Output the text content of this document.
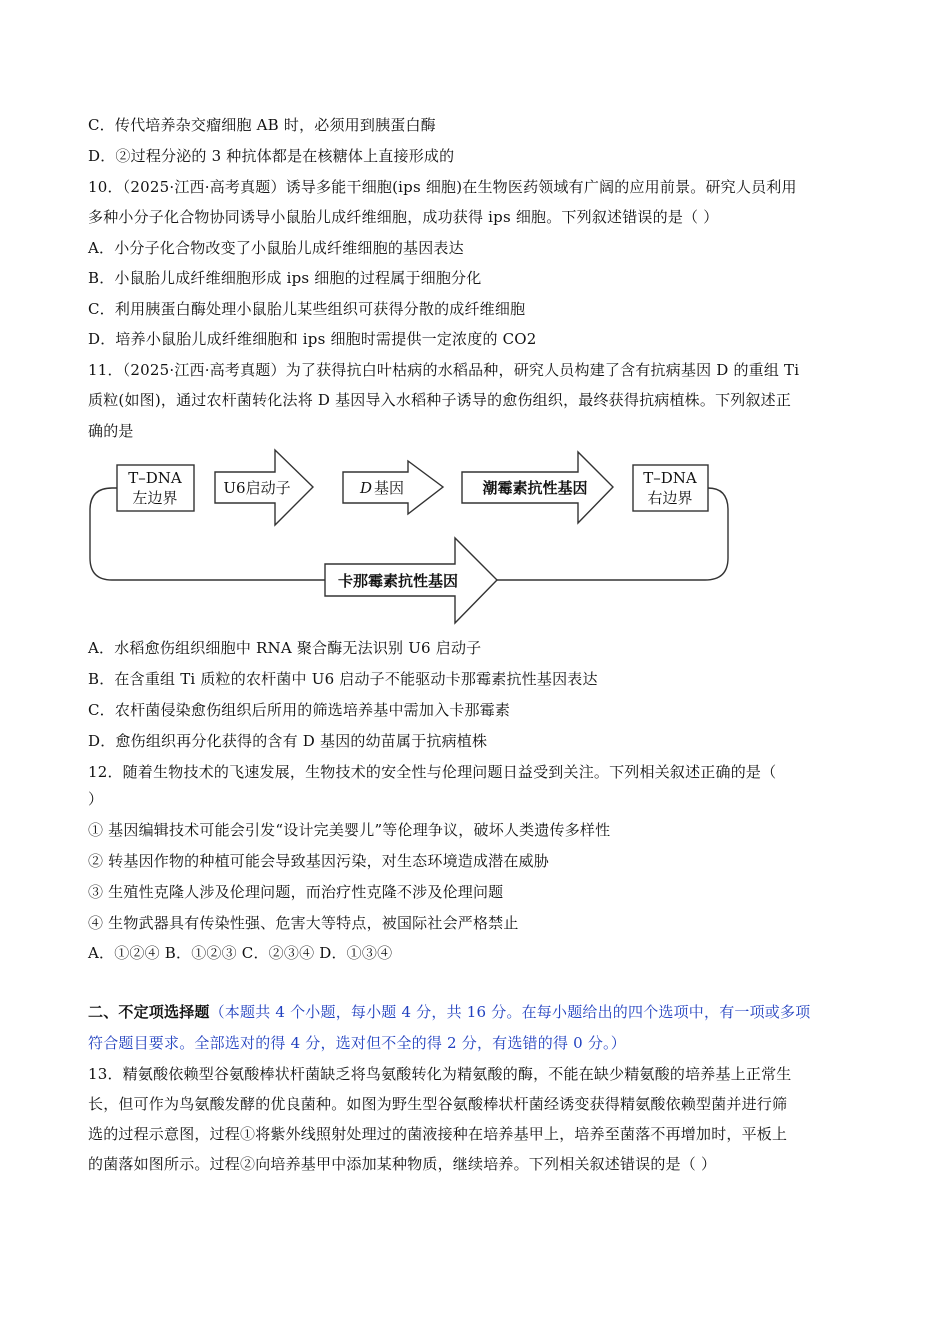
C．传代培养杂交瘤细胞 AB 时，必须用到胰蛋白酶
D．②过程分泌的 3 种抗体都是在核糖体上直接形成的
10．（2025·江西·高考真题）诱导多能干细胞(ips 细胞)在生物医药领域有广阔的应用前景。研究人员利用
多种小分子化合物协同诱导小鼠胎儿成纤维细胞，成功获得 ips 细胞。下列叙述错误的是（ ）
A．小分子化合物改变了小鼠胎儿成纤维细胞的基因表达
B．小鼠胎儿成纤维细胞形成 ips 细胞的过程属于细胞分化
C．利用胰蛋白酶处理小鼠胎儿某些组织可获得分散的成纤维细胞
D．培养小鼠胎儿成纤维细胞和 ips 细胞时需提供一定浓度的 CO2
11．（2025·江西·高考真题）为了获得抗白叶枯病的水稻品种，研究人员构建了含有抗病基因 D 的重组 Ti
质粒(如图)，通过农杆菌转化法将 D 基因导入水稻种子诱导的愈伤组织，最终获得抗病植株。下列叙述正
确的是
T–DNA
左边界
U6启动子	D 基因	潮霉素抗性基因
T–DNA
右边界
卡那霉素抗性基因
A．水稻愈伤组织细胞中 RNA 聚合酶无法识别 U6 启动子
B．在含重组 Ti 质粒的农杆菌中 U6 启动子不能驱动卡那霉素抗性基因表达
C．农杆菌侵染愈伤组织后所用的筛选培养基中需加入卡那霉素
D．愈伤组织再分化获得的含有 D 基因的幼苗属于抗病植株
12．随着生物技术的飞速发展，生物技术的安全性与伦理问题日益受到关注。下列相关叙述正确的是（
）
① 基因编辑技术可能会引发“设计完美婴儿”等伦理争议，破坏人类遗传多样性
② 转基因作物的种植可能会导致基因污染，对生态环境造成潜在威胁
③ 生殖性克隆人涉及伦理问题，而治疗性克隆不涉及伦理问题
④ 生物武器具有传染性强、危害大等特点，被国际社会严格禁止
A．①②④ B．①②③ C．②③④ D．①③④
二、不定项选择题（本题共 4 个小题，每小题 4 分，共 16 分。在每小题给出的四个选项中，有一项或多项
符合题目要求。全部选对的得 4 分，选对但不全的得 2 分，有选错的得 0 分。）
13．精氨酸依赖型谷氨酸棒状杆菌缺乏将鸟氨酸转化为精氨酸的酶，不能在缺少精氨酸的培养基上正常生
长，但可作为鸟氨酸发酵的优良菌种。如图为野生型谷氨酸棒状杆菌经诱变获得精氨酸依赖型菌并进行筛
选的过程示意图，过程①将紫外线照射处理过的菌液接种在培养基甲上，培养至菌落不再增加时，平板上
的菌落如图所示。过程②向培养基甲中添加某种物质，继续培养。下列相关叙述错误的是（ ）
